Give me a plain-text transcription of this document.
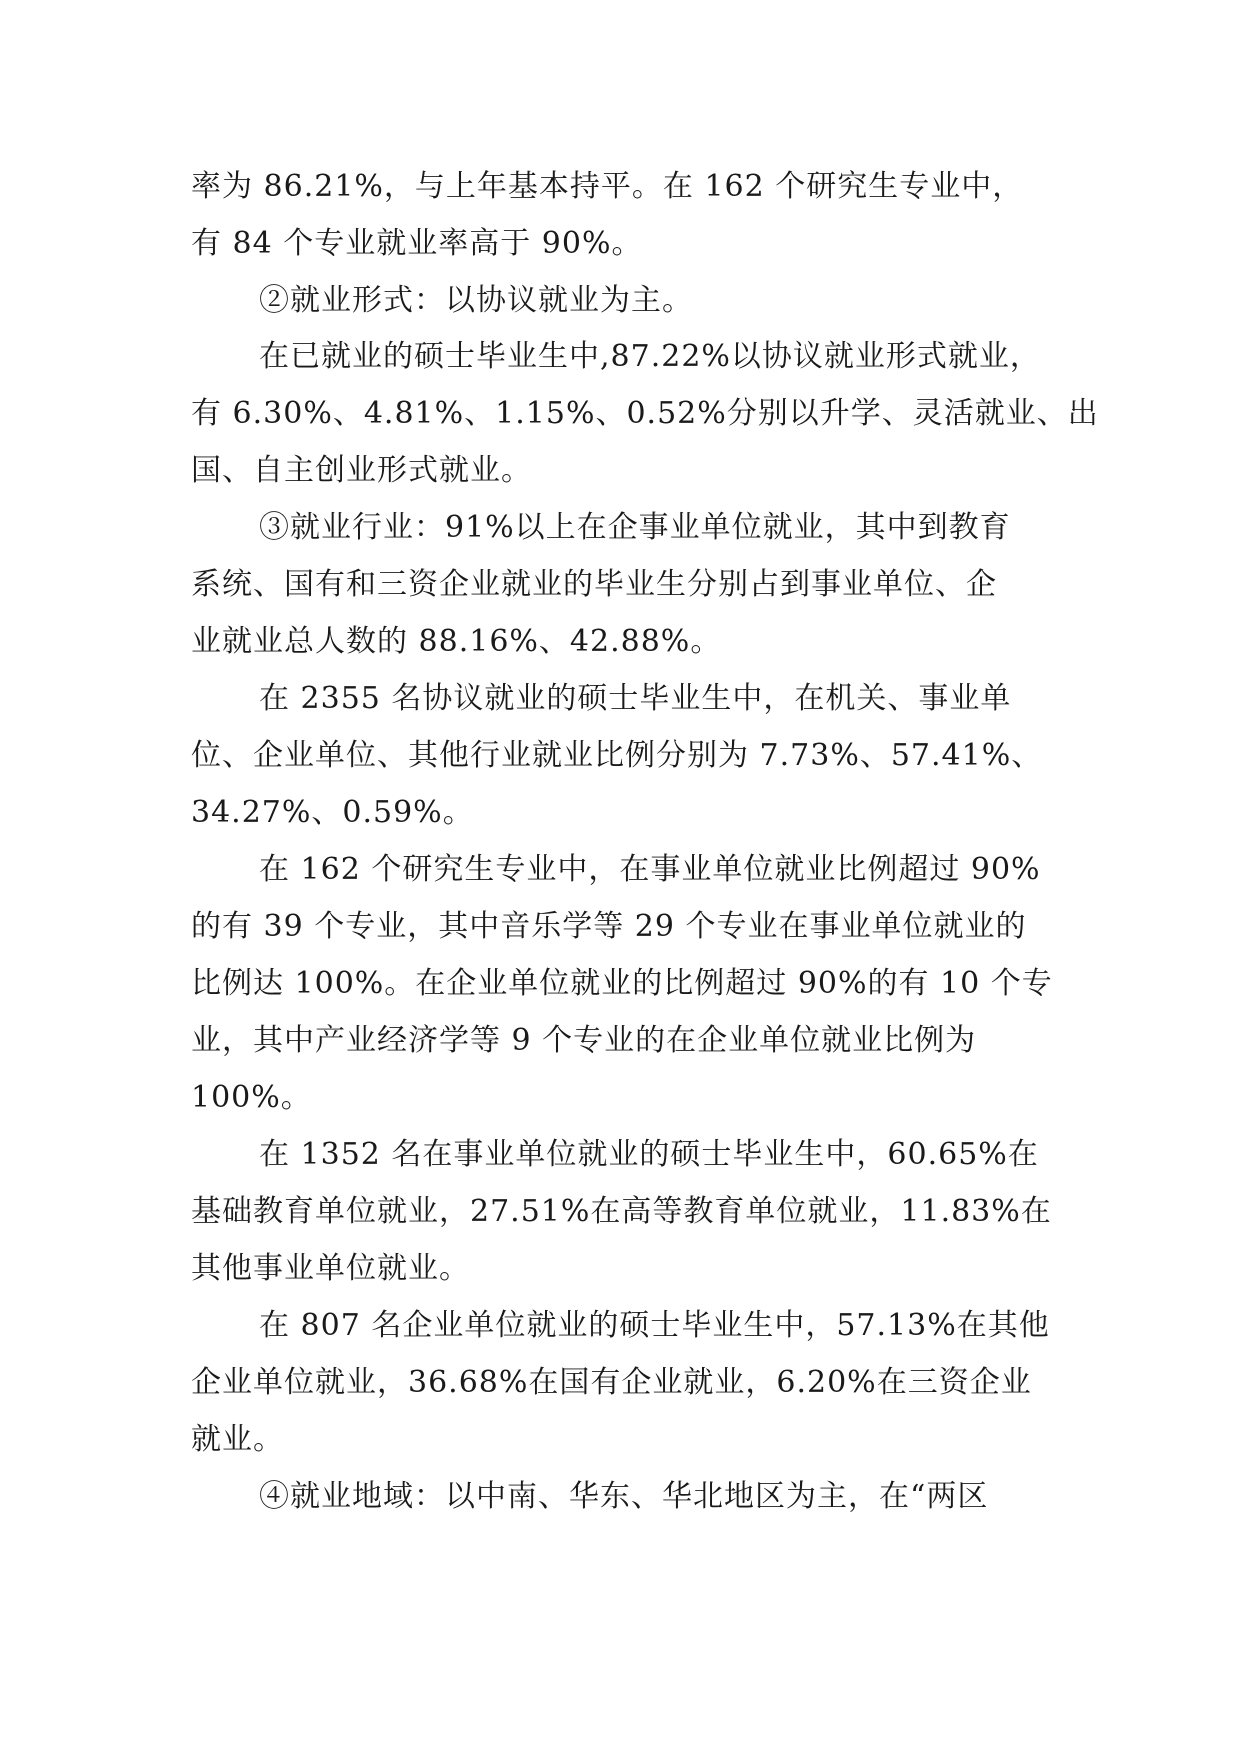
率为 86.21%，与上年基本持平。在 162 个研究生专业中，
有 84 个专业就业率高于 90%。
②就业形式：以协议就业为主。
在已就业的硕士毕业生中,87.22%以协议就业形式就业，
有 6.30%、4.81%、1.15%、0.52%分别以升学、灵活就业、出
国、自主创业形式就业。
③就业行业：91%以上在企事业单位就业，其中到教育
系统、国有和三资企业就业的毕业生分别占到事业单位、企
业就业总人数的 88.16%、42.88%。
在 2355 名协议就业的硕士毕业生中，在机关、事业单
位、企业单位、其他行业就业比例分别为 7.73%、57.41%、
34.27%、0.59%。
在 162 个研究生专业中，在事业单位就业比例超过 90%
的有 39 个专业，其中音乐学等 29 个专业在事业单位就业的
比例达 100%。在企业单位就业的比例超过 90%的有 10 个专
业，其中产业经济学等 9 个专业的在企业单位就业比例为
100%。
在 1352 名在事业单位就业的硕士毕业生中，60.65%在
基础教育单位就业，27.51%在高等教育单位就业，11.83%在
其他事业单位就业。
在 807 名企业单位就业的硕士毕业生中，57.13%在其他
企业单位就业，36.68%在国有企业就业，6.20%在三资企业
就业。
④就业地域：以中南、华东、华北地区为主，在“两区
